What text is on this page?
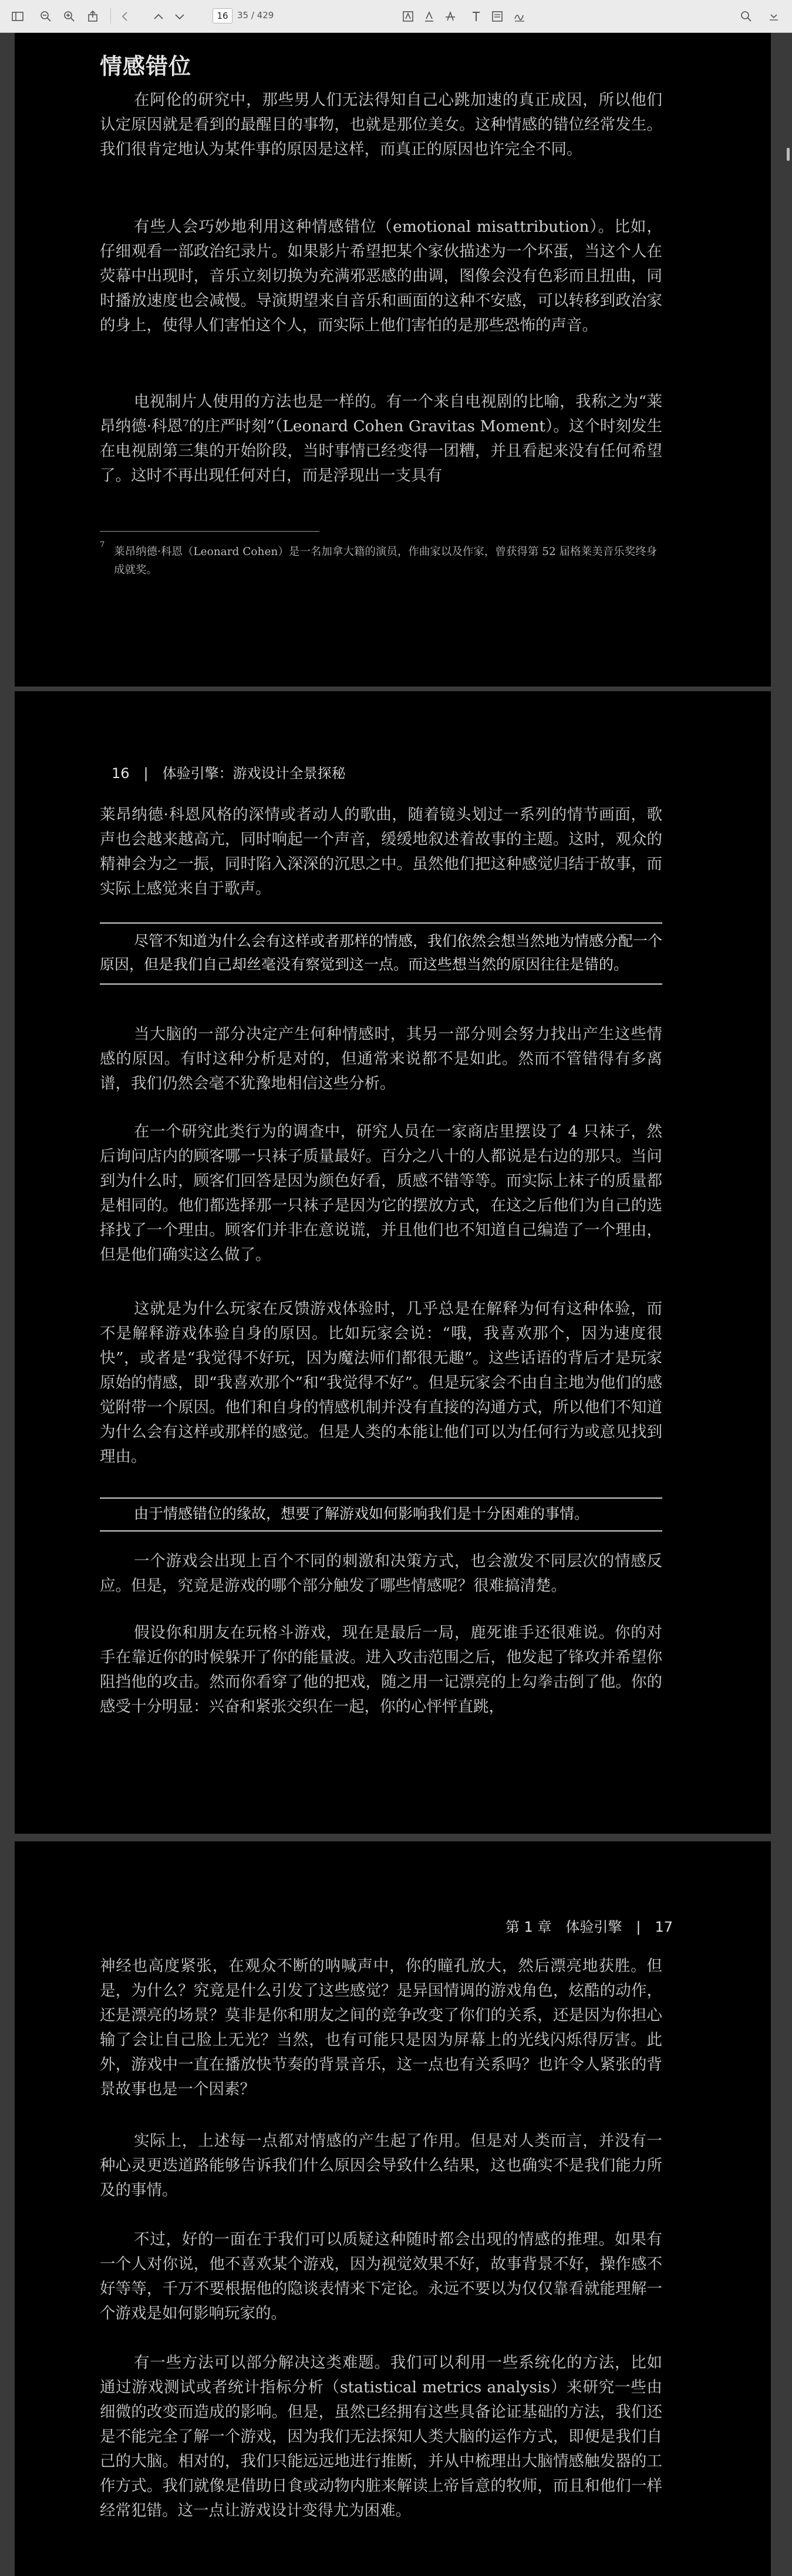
16	35 / 429
情感错位

在阿伦的研究中，那些男人们无法得知自己心跳加速的真正成因，所以他们认定原因就是看到的最醒目的事物，也就是那位美女。这种情感的错位经常发生。我们很肯定地认为某件事的原因是这样，而真正的原因也许完全不同。

有些人会巧妙地利用这种情感错位（emotional misattribution）。比如，仔细观看一部政治纪录片。如果影片希望把某个家伙描述为一个坏蛋，当这个人在荧幕中出现时，音乐立刻切换为充满邪恶感的曲调，图像会没有色彩而且扭曲，同时播放速度也会减慢。导演期望来自音乐和画面的这种不安感，可以转移到政治家的身上，使得人们害怕这个人，而实际上他们害怕的是那些恐怖的声音。

电视制片人使用的方法也是一样的。有一个来自电视剧的比喻，我称之为“莱昂纳德·科恩⁷的庄严时刻”（Leonard Cohen Gravitas Moment）。这个时刻发生在电视剧第三集的开始阶段，当时事情已经变得一团糟，并且看起来没有任何希望了。这时不再出现任何对白，而是浮现出一支具有

7
莱昂纳德·科恩（Leonard Cohen）是一名加拿大籍的演员，作曲家以及作家，曾获得第 52 届格莱美音乐奖终身成就奖。
16　|　体验引擎：游戏设计全景探秘

莱昂纳德·科恩风格的深情或者动人的歌曲，随着镜头划过一系列的情节画面，歌声也会越来越高亢，同时响起一个声音，缓缓地叙述着故事的主题。这时，观众的精神会为之一振，同时陷入深深的沉思之中。虽然他们把这种感觉归结于故事，而实际上感觉来自于歌声。

尽管不知道为什么会有这样或者那样的情感，我们依然会想当然地为情感分配一个原因，但是我们自己却丝毫没有察觉到这一点。而这些想当然的原因往往是错的。

当大脑的一部分决定产生何种情感时，其另一部分则会努力找出产生这些情感的原因。有时这种分析是对的，但通常来说都不是如此。然而不管错得有多离谱，我们仍然会毫不犹豫地相信这些分析。

在一个研究此类行为的调查中，研究人员在一家商店里摆设了 4 只袜子，然后询问店内的顾客哪一只袜子质量最好。百分之八十的人都说是右边的那只。当问到为什么时，顾客们回答是因为颜色好看，质感不错等等。而实际上袜子的质量都是相同的。他们都选择那一只袜子是因为它的摆放方式，在这之后他们为自己的选择找了一个理由。顾客们并非在意说谎，并且他们也不知道自己编造了一个理由，但是他们确实这么做了。

这就是为什么玩家在反馈游戏体验时，几乎总是在解释为何有这种体验，而不是解释游戏体验自身的原因。比如玩家会说：“哦，我喜欢那个，因为速度很快”，或者是“我觉得不好玩，因为魔法师们都很无趣”。这些话语的背后才是玩家原始的情感，即“我喜欢那个”和“我觉得不好”。但是玩家会不由自主地为他们的感觉附带一个原因。他们和自身的情感机制并没有直接的沟通方式，所以他们不知道为什么会有这样或那样的感觉。但是人类的本能让他们可以为任何行为或意见找到理由。

由于情感错位的缘故，想要了解游戏如何影响我们是十分困难的事情。

一个游戏会出现上百个不同的刺激和决策方式，也会激发不同层次的情感反应。但是，究竟是游戏的哪个部分触发了哪些情感呢？很难搞清楚。

假设你和朋友在玩格斗游戏，现在是最后一局，鹿死谁手还很难说。你的对手在靠近你的时候躲开了你的能量波。进入攻击范围之后，他发起了锋攻并希望你阻挡他的攻击。然而你看穿了他的把戏，随之用一记漂亮的上勾拳击倒了他。你的感受十分明显：兴奋和紧张交织在一起，你的心怦怦直跳，

第 1 章　体验引擎　|　17

神经也高度紧张，在观众不断的呐喊声中，你的瞳孔放大，然后漂亮地获胜。但是，为什么？究竟是什么引发了这些感觉？是异国情调的游戏角色，炫酷的动作，还是漂亮的场景？莫非是你和朋友之间的竞争改变了你们的关系，还是因为你担心输了会让自己脸上无光？当然，也有可能只是因为屏幕上的光线闪烁得厉害。此外，游戏中一直在播放快节奏的背景音乐，这一点也有关系吗？也许令人紧张的背景故事也是一个因素？

实际上，上述每一点都对情感的产生起了作用。但是对人类而言，并没有一种心灵更迭道路能够告诉我们什么原因会导致什么结果，这也确实不是我们能力所及的事情。

不过，好的一面在于我们可以质疑这种随时都会出现的情感的推理。如果有一个人对你说，他不喜欢某个游戏，因为视觉效果不好，故事背景不好，操作感不好等等，千万不要根据他的隐谈表情来下定论。永远不要以为仅仅靠看就能理解一个游戏是如何影响玩家的。

有一些方法可以部分解决这类难题。我们可以利用一些系统化的方法，比如通过游戏测试或者统计指标分析（statistical metrics analysis）来研究一些由细微的改变而造成的影响。但是，虽然已经拥有这些具备论证基础的方法，我们还是不能完全了解一个游戏，因为我们无法探知人类大脑的运作方式，即便是我们自己的大脑。相对的，我们只能远远地进行推断，并从中梳理出大脑情感触发器的工作方式。我们就像是借助日食或动物内脏来解读上帝旨意的牧师，而且和他们一样经常犯错。这一点让游戏设计变得尤为困难。
